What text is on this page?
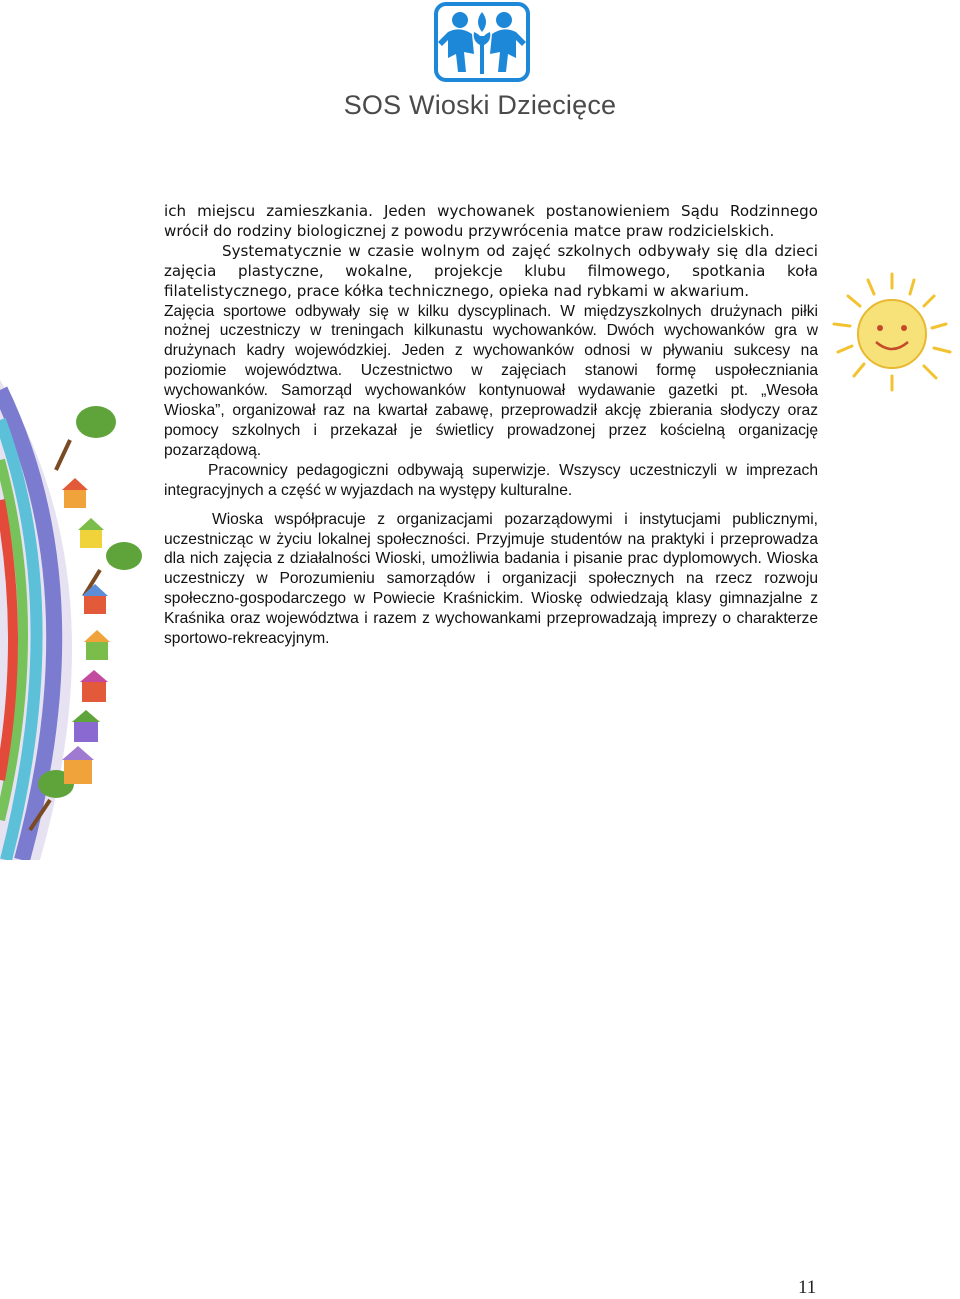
SOS Wioski Dziecięce

ich miejscu zamieszkania. Jeden wychowanek postanowieniem Sądu Rodzinnego wrócił do rodziny biologicznej z powodu przywrócenia matce praw rodzicielskich.

Systematycznie w czasie wolnym od zajęć szkolnych odbywały się dla dzieci zajęcia plastyczne, wokalne, projekcje klubu filmowego, spotkania koła filatelistycznego, prace kółka technicznego, opieka nad rybkami w akwarium.

Zajęcia sportowe odbywały się w kilku dyscyplinach. W międzyszkolnych drużynach piłki nożnej uczestniczy w treningach kilkunastu wychowanków. Dwóch wychowanków gra w drużynach kadry wojewódzkiej. Jeden z wychowanków odnosi w pływaniu sukcesy na poziomie województwa. Uczestnictwo w zajęciach stanowi formę uspołeczniania wychowanków. Samorząd wychowanków kontynuował wydawanie gazetki pt. „Wesoła Wioska”, organizował raz na kwartał zabawę, przeprowadził akcję zbierania słodyczy oraz pomocy szkolnych i przekazał je świetlicy prowadzonej przez kościelną organizację pozarządową.

Pracownicy pedagogiczni odbywają superwizje. Wszyscy uczestniczyli w imprezach integracyjnych a część w wyjazdach na występy kulturalne.

Wioska współpracuje z organizacjami pozarządowymi i instytucjami publicznymi, uczestnicząc w życiu lokalnej społeczności. Przyjmuje studentów na praktyki i przeprowadza dla nich zajęcia z działalności Wioski, umożliwia badania i pisanie prac dyplomowych. Wioska uczestniczy w Porozumieniu samorządów i organizacji społecznych na rzecz rozwoju społeczno-gospodarczego w Powiecie Kraśnickim. Wioskę odwiedzają klasy gimnazjalne z Kraśnika oraz województwa i razem z wychowankami przeprowadzają imprezy o charakterze sportowo-rekreacyjnym.

11
